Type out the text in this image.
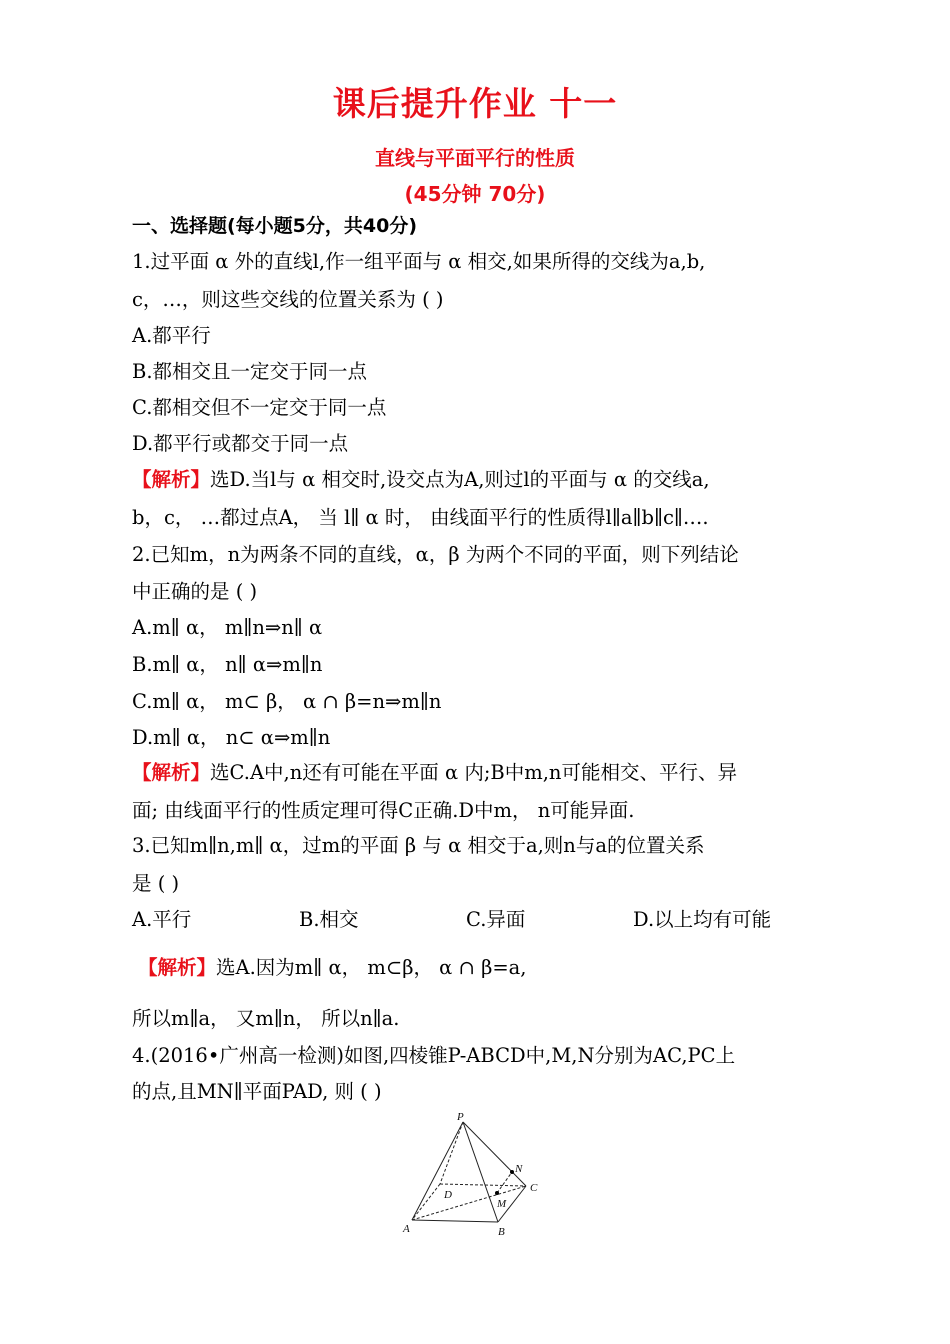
课后提升作业 十一
直线与平面平行的性质
(45分钟 70分)
一、选择题(每小题5分，共40分)
1.过平面 α 外的直线l,作一组平面与 α 相交,如果所得的交线为a,b,
c，…，则这些交线的位置关系为 ( )
A.都平行
B.都相交且一定交于同一点
C.都相交但不一定交于同一点
D.都平行或都交于同一点
【解析】选D.当l与 α 相交时,设交点为A,则过l的平面与 α 的交线a,
b，c， …都过点A， 当 l∥ α 时， 由线面平行的性质得l∥a∥b∥c∥….
2.已知m，n为两条不同的直线，α，β 为两个不同的平面，则下列结论
中正确的是 ( )
A.m∥ α， m∥n⇒n∥ α
B.m∥ α， n∥ α⇒m∥n
C.m∥ α， m⊂ β， α ∩ β=n⇒m∥n
D.m∥ α， n⊂ α⇒m∥n
【解析】选C.A中,n还有可能在平面 α 内;B中m,n可能相交、平行、异
面; 由线面平行的性质定理可得C正确.D中m， n可能异面.
3.已知m∥n,m∥ α，过m的平面 β 与 α 相交于a,则n与a的位置关系
是 ( )
A.平行	B.相交	C.异面	D.以上均有可能
【解析】选A.因为m∥ α， m⊂β， α ∩ β=a,
所以m∥a， 又m∥n， 所以n∥a.
4.(2016•广州高一检测)如图,四棱锥P-ABCD中,M,N分别为AC,PC上
的点,且MN∥平面PAD, 则 ( )
P
A	B
C
D
M
N
